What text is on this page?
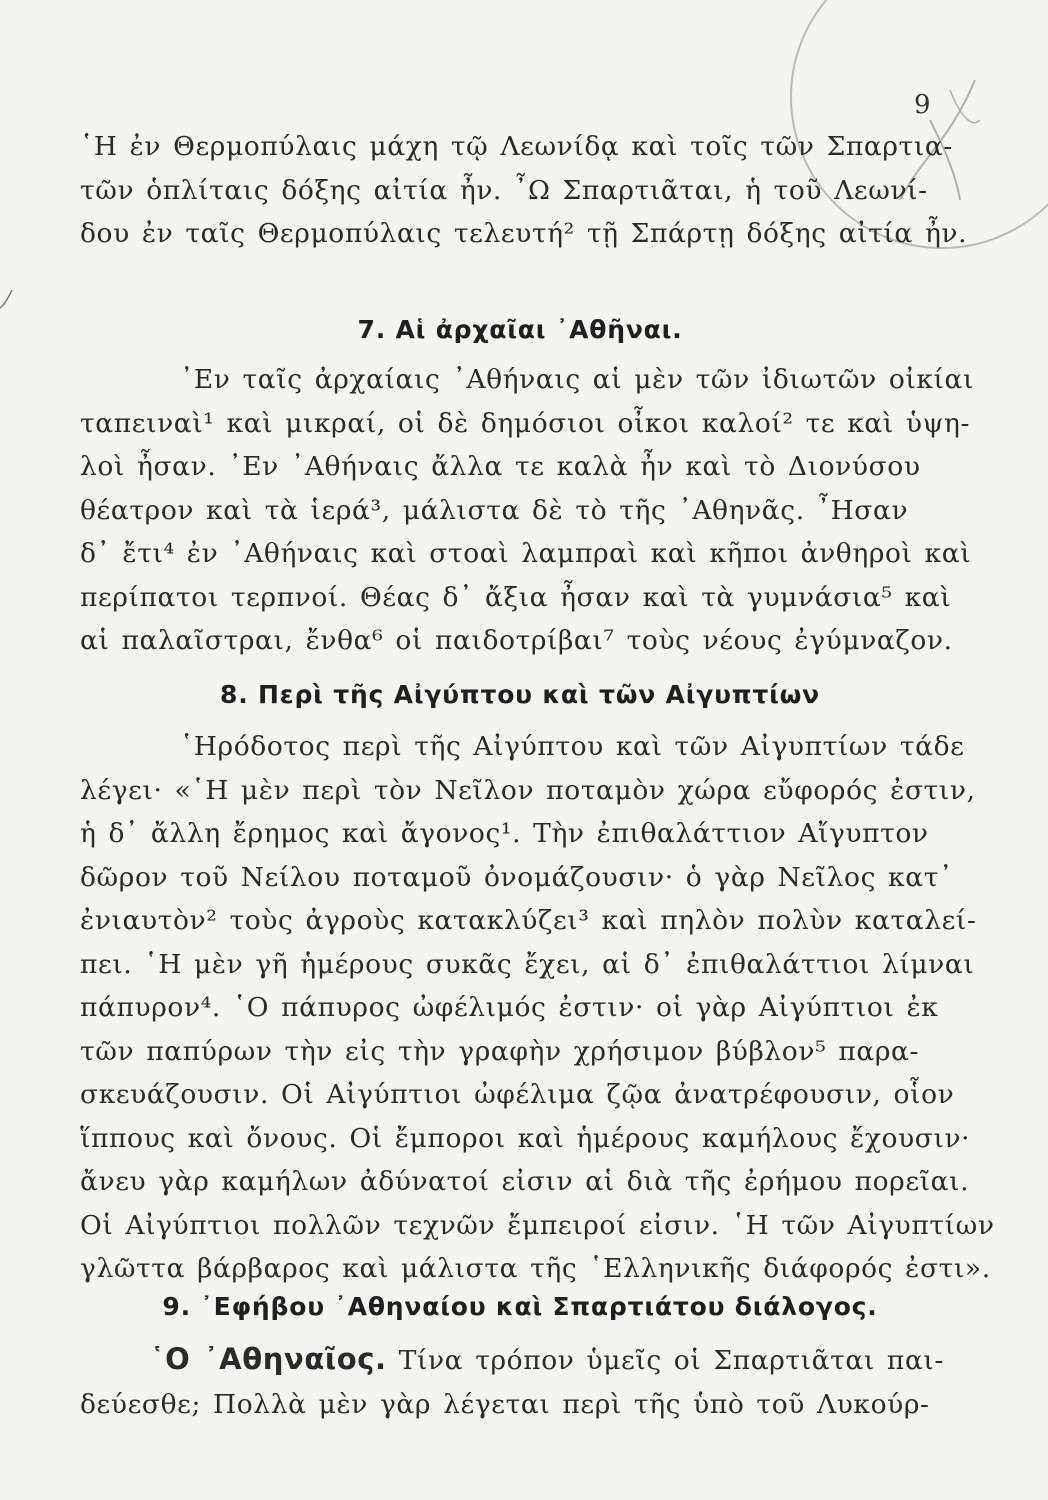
9
῾Η ἐν Θερμοπύλαις μάχη τῷ Λεωνίδᾳ καὶ τοῖς τῶν Σπαρτια-
τῶν ὁπλίταις δόξης αἰτία ἦν. ῏Ω Σπαρτιᾶται, ἡ τοῦ Λεωνί-
δου ἐν ταῖς Θερμοπύλαις τελευτή² τῇ Σπάρτῃ δόξης αἰτία ἦν.
7. Αἱ ἀρχαῖαι ᾿Αθῆναι.
᾿Εν ταῖς ἀρχαίαις ᾿Αθήναις αἱ μὲν τῶν ἰδιωτῶν οἰκίαι
ταπειναὶ¹ καὶ μικραί, οἱ δὲ δημόσιοι οἶκοι καλοί² τε καὶ ὑψη-
λοὶ ἦσαν. ᾿Εν ᾿Αθήναις ἄλλα τε καλὰ ἦν καὶ τὸ Διονύσου
θέατρον καὶ τὰ ἱερά³, μάλιστα δὲ τὸ τῆς ᾿Αθηνᾶς. ῏Ησαν
δ᾿ ἔτι⁴ ἐν ᾿Αθήναις καὶ στοαὶ λαμπραὶ καὶ κῆποι ἀνθηροὶ καὶ
περίπατοι τερπνοί. Θέας δ᾿ ἄξια ἦσαν καὶ τὰ γυμνάσια⁵ καὶ
αἱ παλαῖστραι, ἔνθα⁶ οἱ παιδοτρίβαι⁷ τοὺς νέους ἐγύμναζον.
8. Περὶ τῆς Αἰγύπτου καὶ τῶν Αἰγυπτίων
῾Ηρόδοτος περὶ τῆς Αἰγύπτου καὶ τῶν Αἰγυπτίων τάδε
λέγει· «῾Η μὲν περὶ τὸν Νεῖλον ποταμὸν χώρα εὔφορός ἐστιν,
ἡ δ᾿ ἄλλη ἔρημος καὶ ἄγονος¹. Τὴν ἐπιθαλάττιον Αἴγυπτον
δῶρον τοῦ Νείλου ποταμοῦ ὀνομάζουσιν· ὁ γὰρ Νεῖλος κατ᾿
ἐνιαυτὸν² τοὺς ἀγροὺς κατακλύζει³ καὶ πηλὸν πολὺν καταλεί-
πει. ῾Η μὲν γῆ ἡμέρους συκᾶς ἔχει, αἱ δ᾿ ἐπιθαλάττιοι λίμναι
πάπυρον⁴. ῾Ο πάπυρος ὠφέλιμός ἐστιν· οἱ γὰρ Αἰγύπτιοι ἐκ
τῶν παπύρων τὴν εἰς τὴν γραφὴν χρήσιμον βύβλον⁵ παρα-
σκευάζουσιν. Οἱ Αἰγύπτιοι ὠφέλιμα ζῷα ἀνατρέφουσιν, οἷον
ἵππους καὶ ὄνους. Οἱ ἔμποροι καὶ ἡμέρους καμήλους ἔχουσιν·
ἄνευ γὰρ καμήλων ἀδύνατοί εἰσιν αἱ διὰ τῆς ἐρήμου πορεῖαι.
Οἱ Αἰγύπτιοι πολλῶν τεχνῶν ἔμπειροί εἰσιν. ῾Η τῶν Αἰγυπτίων
γλῶττα βάρβαρος καὶ μάλιστα τῆς ῾Ελληνικῆς διάφορός ἐστι».
9. ᾿Εφήβου ᾿Αθηναίου καὶ Σπαρτιάτου διάλογος.
῾Ο ᾿Αθηναῖος. Τίνα τρόπον ὑμεῖς οἱ Σπαρτιᾶται παι-
δεύεσθε; Πολλὰ μὲν γὰρ λέγεται περὶ τῆς ὑπὸ τοῦ Λυκούρ-
